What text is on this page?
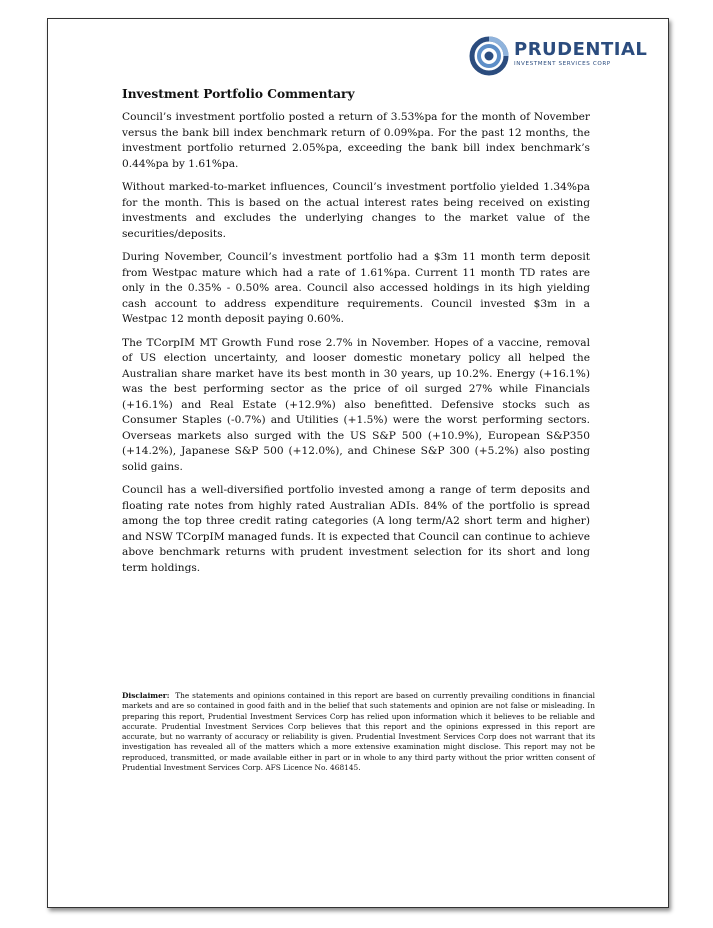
PRUDENTIAL
INVESTMENT SERVICES CORP
Investment Portfolio Commentary

Council’s investment portfolio posted a return of 3.53%pa for the month of November versus the bank bill index benchmark return of 0.09%pa. For the past 12 months, the investment portfolio returned 2.05%pa, exceeding the bank bill index benchmark’s 0.44%pa by 1.61%pa.

Without marked-to-market influences, Council’s investment portfolio yielded 1.34%pa for the month. This is based on the actual interest rates being received on existing investments and excludes the underlying changes to the market value of the securities/deposits.

During November, Council’s investment portfolio had a $3m 11 month term deposit from Westpac mature which had a rate of 1.61%pa. Current 11 month TD rates are only in the 0.35% - 0.50% area. Council also accessed holdings in its high yielding cash account to address expenditure requirements. Council invested $3m in a Westpac 12 month deposit paying 0.60%.

The TCorpIM MT Growth Fund rose 2.7% in November. Hopes of a vaccine, removal of US election uncertainty, and looser domestic monetary policy all helped the Australian share market have its best month in 30 years, up 10.2%. Energy (+16.1%) was the best performing sector as the price of oil surged 27% while Financials (+16.1%) and Real Estate (+12.9%) also benefitted. Defensive stocks such as Consumer Staples (-0.7%) and Utilities (+1.5%) were the worst performing sectors. Overseas markets also surged with the US S&P 500 (+10.9%), European S&P350 (+14.2%), Japanese S&P 500 (+12.0%), and Chinese S&P 300 (+5.2%) also posting solid gains.

Council has a well-diversified portfolio invested among a range of term deposits and floating rate notes from highly rated Australian ADIs. 84% of the portfolio is spread among the top three credit rating categories (A long term/A2 short term and higher) and NSW TCorpIM managed funds. It is expected that Council can continue to achieve above benchmark returns with prudent investment selection for its short and long term holdings.

Disclaimer: The statements and opinions contained in this report are based on currently prevailing conditions in financial markets and are so contained in good faith and in the belief that such statements and opinion are not false or misleading. In preparing this report, Prudential Investment Services Corp has relied upon information which it believes to be reliable and accurate. Prudential Investment Services Corp believes that this report and the opinions expressed in this report are accurate, but no warranty of accuracy or reliability is given. Prudential Investment Services Corp does not warrant that its investigation has revealed all of the matters which a more extensive examination might disclose. This report may not be reproduced, transmitted, or made available either in part or in whole to any third party without the prior written consent of Prudential Investment Services Corp. AFS Licence No. 468145.
